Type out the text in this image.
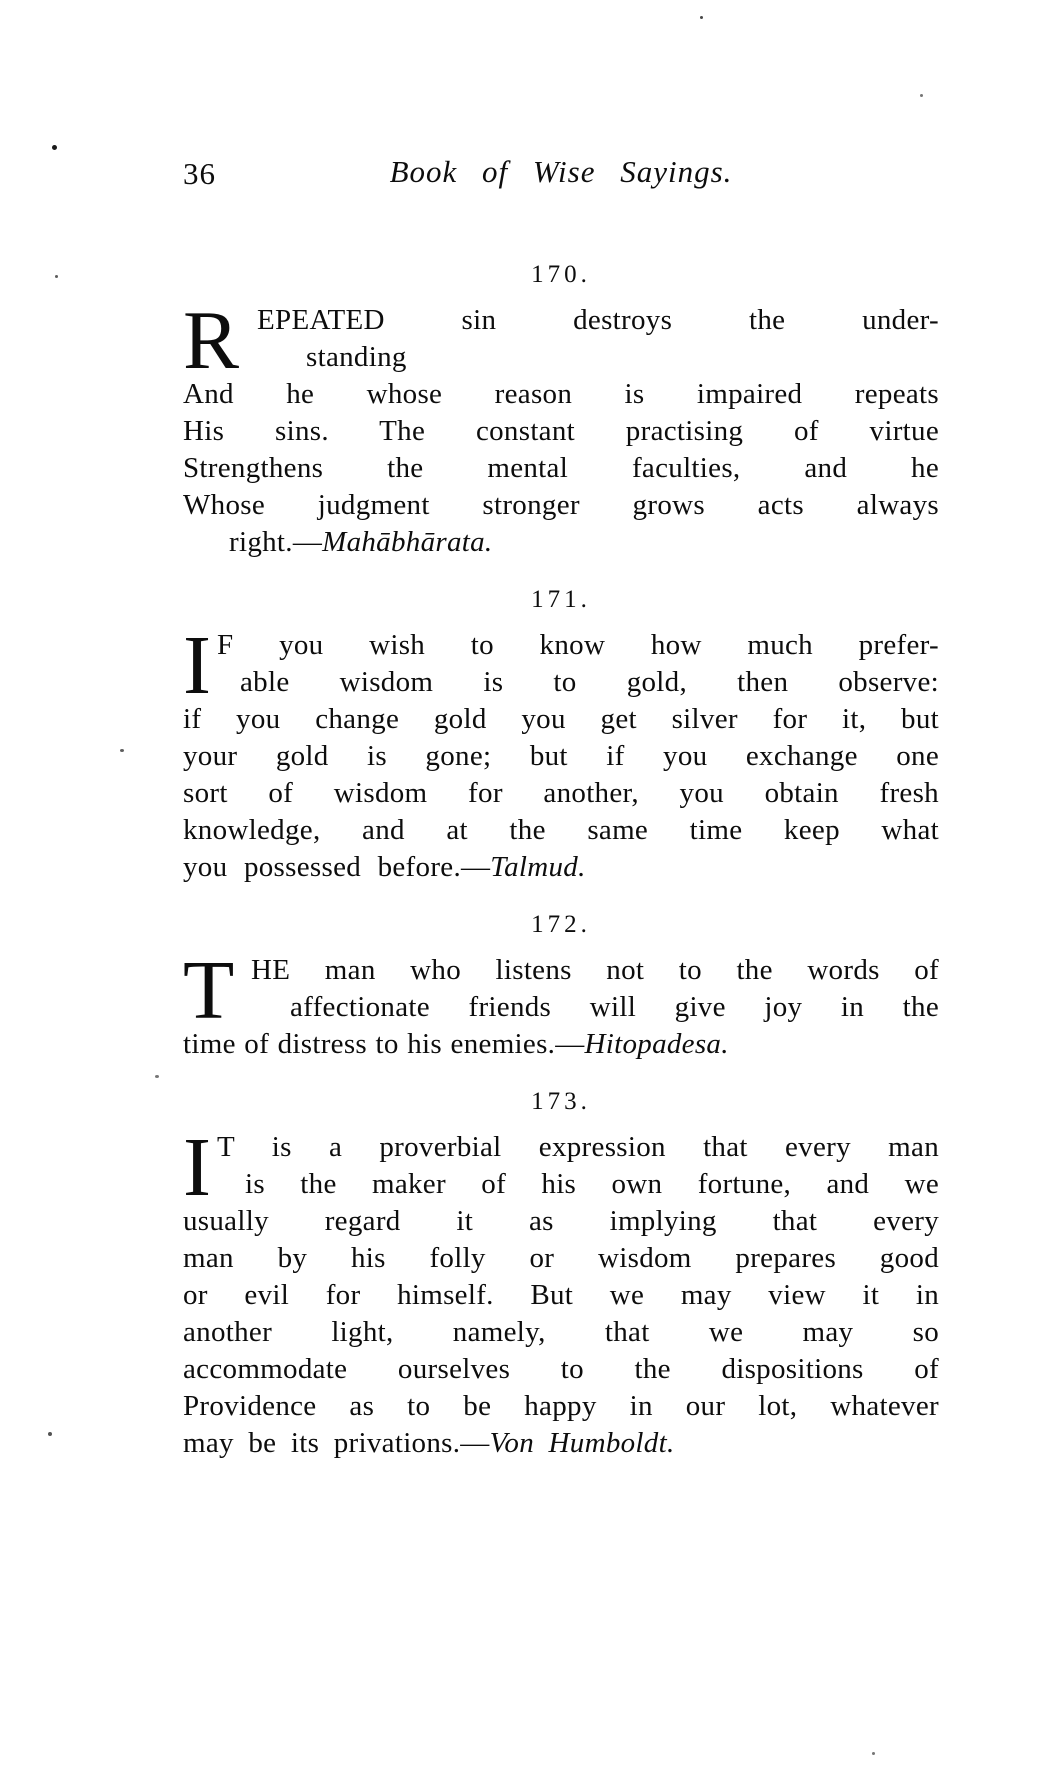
36	Book of Wise Sayings.
170.
R EPEATED sin destroys the under-
standing
And he whose reason is impaired repeats
His sins. The constant practising of virtue
Strengthens the mental faculties, and he
Whose judgment stronger grows acts always
right.—Mahābhārata.
171.
I F you wish to know how much prefer-
able wisdom is to gold, then observe:
if you change gold you get silver for it, but
your gold is gone; but if you exchange one
sort of wisdom for another, you obtain fresh
knowledge, and at the same time keep what
you possessed before.—Talmud.
172.
T HE man who listens not to the words of
affectionate friends will give joy in the
time of distress to his enemies.—Hitopadesa.
173.
I T is a proverbial expression that every man
is the maker of his own fortune, and we
usually regard it as implying that every
man by his folly or wisdom prepares good
or evil for himself. But we may view it in
another light, namely, that we may so
accommodate ourselves to the dispositions of
Providence as to be happy in our lot, whatever
may be its privations.—Von Humboldt.
